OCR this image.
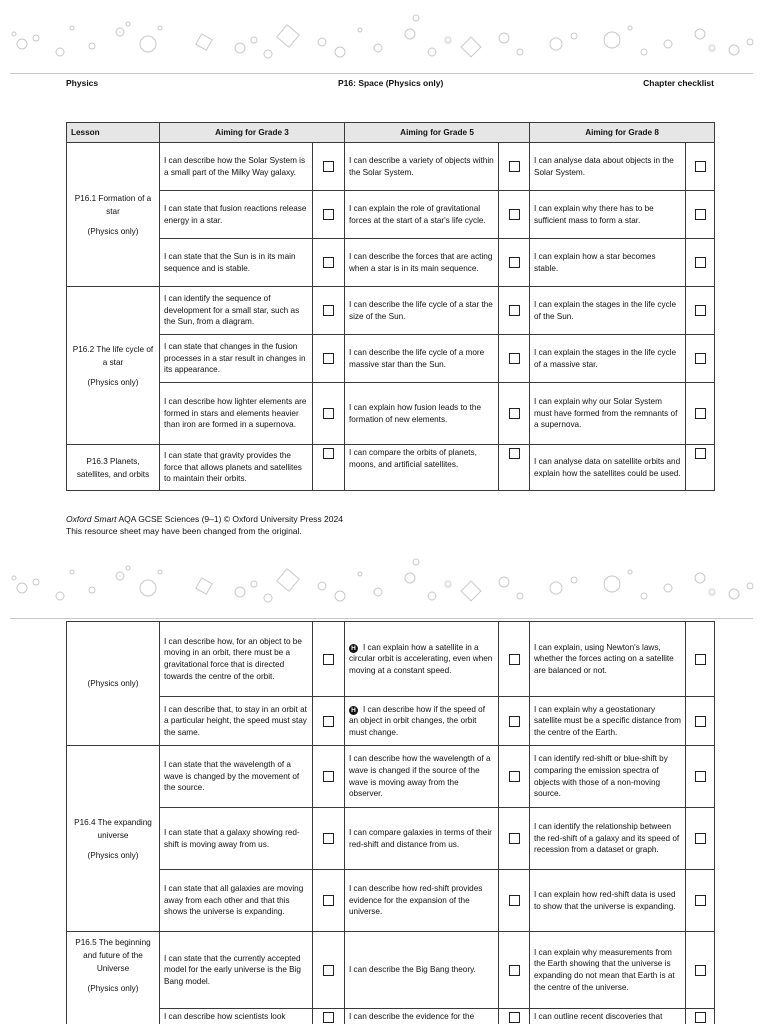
Physics	P16: Space (Physics only)	Chapter checklist
Lesson	Aiming for Grade 3		Aiming for Grade 5		Aiming for Grade 8	

P16.1 Formation of a star
(Physics only)	I can describe how the Solar System is a small part of the Milky Way galaxy.		I can describe a variety of objects within the Solar System.		I can analyse data about objects in the Solar System.	
	I can state that fusion reactions release energy in a star.		I can explain the role of gravitational forces at the start of a star's life cycle.		I can explain why there has to be sufficient mass to form a star.	
	I can state that the Sun is in its main sequence and is stable.		I can describe the forces that are acting when a star is in its main sequence.		I can explain how a star becomes stable.	

P16.2 The life cycle of a star
(Physics only)	I can identify the sequence of development for a small star, such as the Sun, from a diagram.		I can describe the life cycle of a star the size of the Sun.		I can explain the stages in the life cycle of the Sun.	
	I can state that changes in the fusion processes in a star result in changes in its appearance.		I can describe the life cycle of a more massive star than the Sun.		I can explain the stages in the life cycle of a massive star.	
	I can describe how lighter elements are formed in stars and elements heavier than iron are formed in a supernova.		I can explain how fusion leads to the formation of new elements.		I can explain why our Solar System must have formed from the remnants of a supernova.	

P16.3 Planets, satellites, and orbits	I can state that gravity provides the force that allows planets and satellites to maintain their orbits.		I can compare the orbits of planets, moons, and artificial satellites.		I can analyse data on satellite orbits and explain how the satellites could be used.	
Oxford Smart AQA GCSE Sciences (9–1) © Oxford University Press 2024
This resource sheet may have been changed from the original.
(Physics only)	I can describe how, for an object to be moving in an orbit, there must be a gravitational force that is directed towards the centre of the orbit.		H I can explain how a satellite in a circular orbit is accelerating, even when moving at a constant speed.		I can explain, using Newton's laws, whether the forces acting on a satellite are balanced or not.	
	I can describe that, to stay in an orbit at a particular height, the speed must stay the same.		H I can describe how if the speed of an object in orbit changes, the orbit must change.		I can explain why a geostationary satellite must be a specific distance from the centre of the Earth.	

P16.4 The expanding universe
(Physics only)	I can state that the wavelength of a wave is changed by the movement of the source.		I can describe how the wavelength of a wave is changed if the source of the wave is moving away from the observer.		I can identify red-shift or blue-shift by comparing the emission spectra of objects with those of a non-moving source.	
	I can state that a galaxy showing red-shift is moving away from us.		I can compare galaxies in terms of their red-shift and distance from us.		I can identify the relationship between the red-shift of a galaxy and its speed of recession from a dataset or graph.	
	I can state that all galaxies are moving away from each other and that this shows the universe is expanding.		I can describe how red-shift provides evidence for the expansion of the universe.		I can explain how red-shift data is used to show that the universe is expanding.	

P16.5 The beginning and future of the Universe
(Physics only)	I can state that the currently accepted model for the early universe is the Big Bang model.		I can describe the Big Bang theory.		I can explain why measurements from the Earth showing that the universe is expanding do not mean that Earth is at the centre of the universe.	
	I can describe how scientists look		I can describe the evidence for the		I can outline recent discoveries that	
